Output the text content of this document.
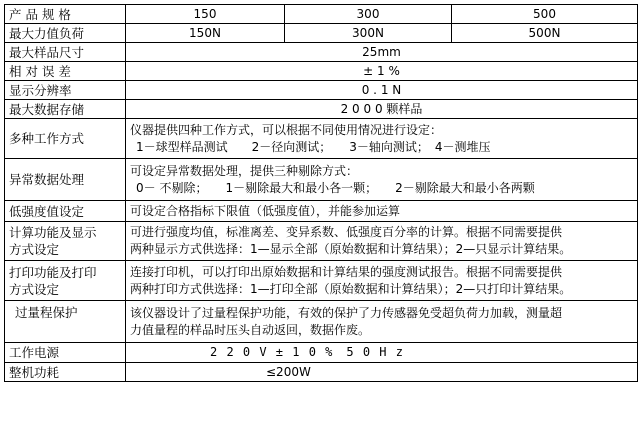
产 品 规 格	150	300	500
最大力值负荷	150N	300N	500N
最大样品尺寸	25mm		
相 对 误 差	± 1 %		
显示分辨率	0 . 1 N		
最大数据存储	2 0 0 0 颗样品		
多种工作方式	仪器提供四种工作方式，可以根据不同使用情况进行设定：
1－球型样品测试　　2－径向测试；　　3－轴向测试；　4－测堆压		

异常数据处理	可设定异常数据处理，提供三种剔除方式：
0－ 不剔除；　　1－剔除最大和最小各一颗；　　2－剔除最大和最小各两颗		

低强度值设定	可设定合格指标下限值（低强度值），并能参加运算		

计算功能及显示
方式设定	可进行强度均值，标准离差、变异系数、低强度百分率的计算。根据不同需要提供
两种显示方式供选择：1—显示全部（原始数据和计算结果）；2—只显示计算结果。		

打印功能及打印
方式设定	连接打印机，可以打印出原始数据和计算结果的强度测试报告。根据不同需要提供
两种打印方式供选择：1—打印全部（原始数据和计算结果）；2—只打印计算结果。		

过量程保护	该仪器设计了过量程保护功能，有效的保护了力传感器免受超负荷力加载，测量超
力值量程的样品时压头自动返回，数据作废。		

工作电源	2 2 0 V ± 1 0 %　5 0 H z		
整机功耗	≤200W		
